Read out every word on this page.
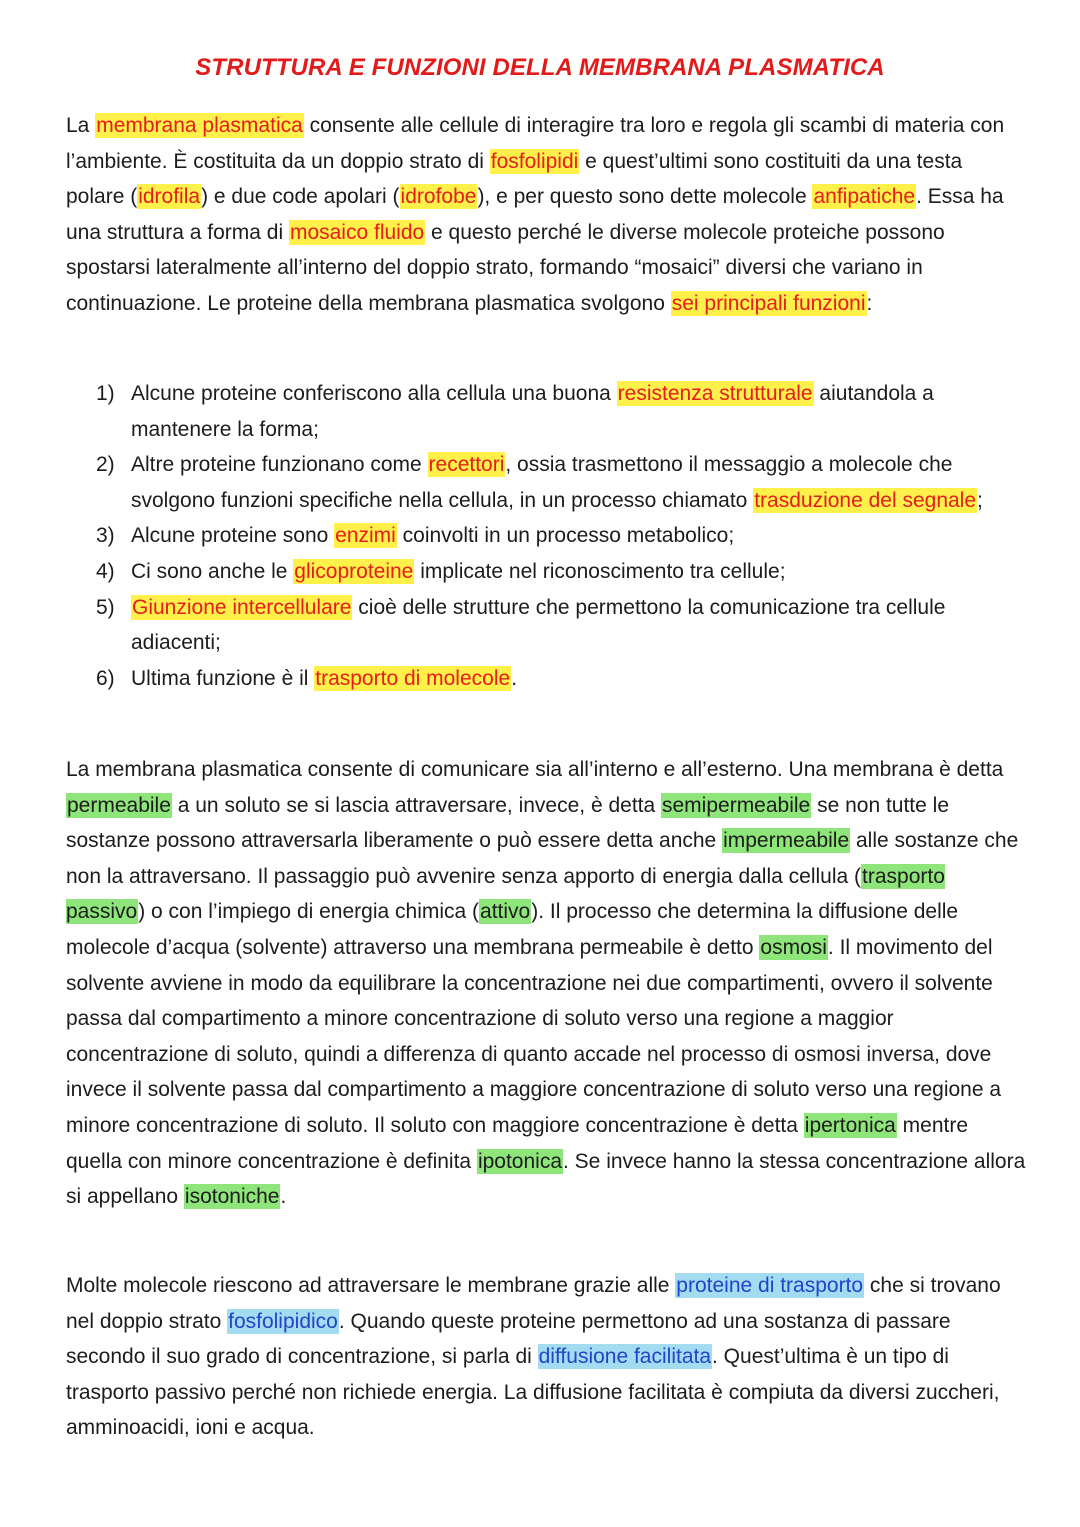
STRUTTURA E FUNZIONI DELLA MEMBRANA PLASMATICA

La membrana plasmatica consente alle cellule di interagire tra loro e regola gli scambi di materia con l’ambiente. È costituita da un doppio strato di fosfolipidi e quest’ultimi sono costituiti da una testa polare (idrofila) e due code apolari (idrofobe), e per questo sono dette molecole anfipatiche. Essa ha una struttura a forma di mosaico fluido e questo perché le diverse molecole proteiche possono spostarsi lateralmente all’interno del doppio strato, formando “mosaici” diversi che variano in continuazione. Le proteine della membrana plasmatica svolgono sei principali funzioni:

1) Alcune proteine conferiscono alla cellula una buona resistenza strutturale aiutandola a mantenere la forma;
2) Altre proteine funzionano come recettori, ossia trasmettono il messaggio a molecole che svolgono funzioni specifiche nella cellula, in un processo chiamato trasduzione del segnale;
3) Alcune proteine sono enzimi coinvolti in un processo metabolico;
4) Ci sono anche le glicoproteine implicate nel riconoscimento tra cellule;
5) Giunzione intercellulare cioè delle strutture che permettono la comunicazione tra cellule adiacenti;
6) Ultima funzione è il trasporto di molecole.

La membrana plasmatica consente di comunicare sia all’interno e all’esterno. Una membrana è detta permeabile a un soluto se si lascia attraversare, invece, è detta semipermeabile se non tutte le sostanze possono attraversarla liberamente o può essere detta anche impermeabile alle sostanze che non la attraversano. Il passaggio può avvenire senza apporto di energia dalla cellula (trasporto passivo) o con l’impiego di energia chimica (attivo). Il processo che determina la diffusione delle molecole d’acqua (solvente) attraverso una membrana permeabile è detto osmosi. Il movimento del solvente avviene in modo da equilibrare la concentrazione nei due compartimenti, ovvero il solvente passa dal compartimento a minore concentrazione di soluto verso una regione a maggior concentrazione di soluto, quindi a differenza di quanto accade nel processo di osmosi inversa, dove invece il solvente passa dal compartimento a maggiore concentrazione di soluto verso una regione a minore concentrazione di soluto. Il soluto con maggiore concentrazione è detta ipertonica mentre quella con minore concentrazione è definita ipotonica. Se invece hanno la stessa concentrazione allora si appellano isotoniche.

Molte molecole riescono ad attraversare le membrane grazie alle proteine di trasporto che si trovano nel doppio strato fosfolipidico. Quando queste proteine permettono ad una sostanza di passare secondo il suo grado di concentrazione, si parla di diffusione facilitata. Quest’ultima è un tipo di trasporto passivo perché non richiede energia. La diffusione facilitata è compiuta da diversi zuccheri, amminoacidi, ioni e acqua.
